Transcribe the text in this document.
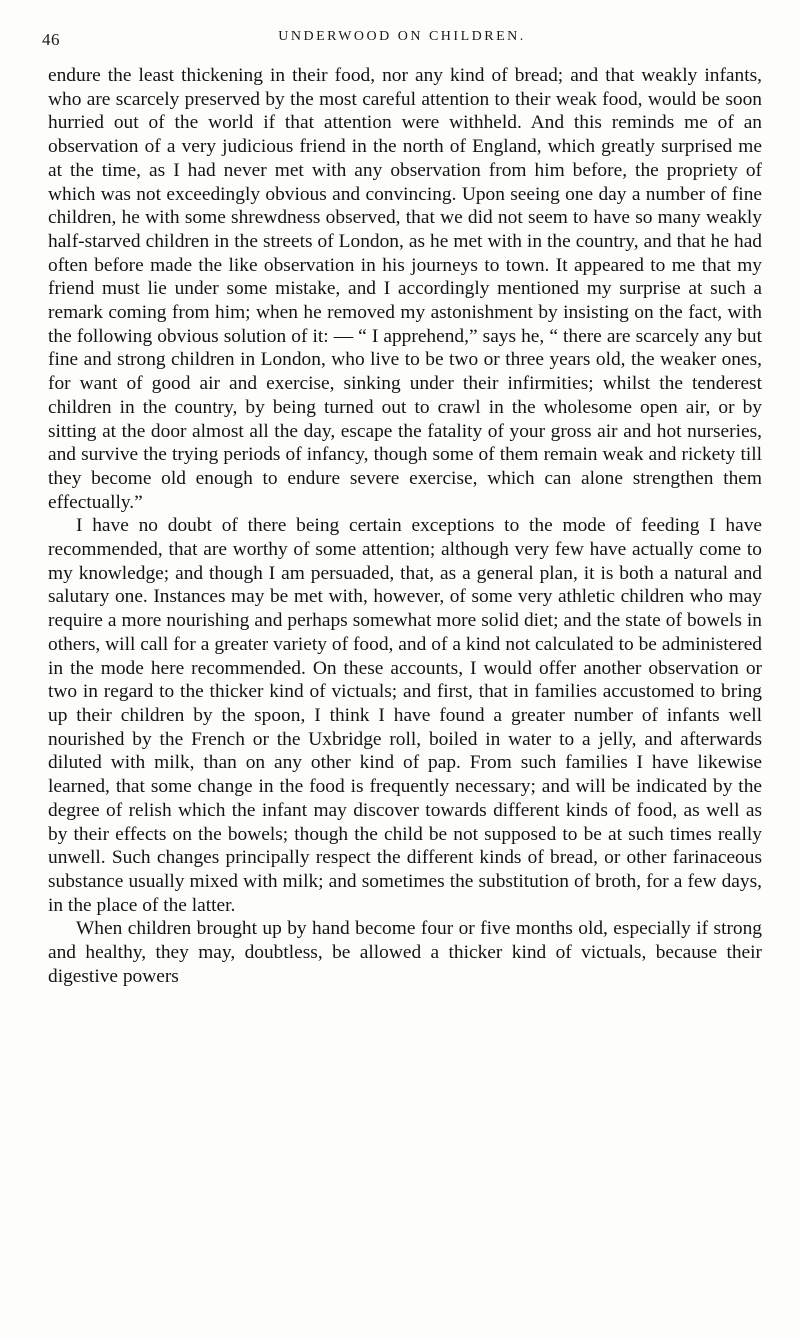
46	UNDERWOOD ON CHILDREN.

endure the least thickening in their food, nor any kind of bread; and that weakly infants, who are scarcely preserved by the most careful attention to their weak food, would be soon hurried out of the world if that attention were withheld. And this reminds me of an observation of a very judicious friend in the north of England, which greatly surprised me at the time, as I had never met with any observation from him before, the propriety of which was not exceedingly obvious and convincing. Upon seeing one day a number of fine children, he with some shrewdness observed, that we did not seem to have so many weakly half-starved children in the streets of London, as he met with in the country, and that he had often before made the like observation in his journeys to town. It appeared to me that my friend must lie under some mistake, and I accordingly mentioned my surprise at such a remark coming from him; when he removed my astonishment by insisting on the fact, with the following obvious solution of it: — “ I apprehend,” says he, “ there are scarcely any but fine and strong children in London, who live to be two or three years old, the weaker ones, for want of good air and exercise, sinking under their infirmities; whilst the tenderest children in the country, by being turned out to crawl in the wholesome open air, or by sitting at the door almost all the day, escape the fatality of your gross air and hot nurseries, and survive the trying periods of infancy, though some of them remain weak and rickety till they become old enough to endure severe exercise, which can alone strengthen them effectually.”

I have no doubt of there being certain exceptions to the mode of feeding I have recommended, that are worthy of some attention; although very few have actually come to my knowledge; and though I am persuaded, that, as a general plan, it is both a natural and salutary one. Instances may be met with, however, of some very athletic children who may require a more nourishing and perhaps somewhat more solid diet; and the state of bowels in others, will call for a greater variety of food, and of a kind not calculated to be administered in the mode here recommended. On these accounts, I would offer another observation or two in regard to the thicker kind of victuals; and first, that in families accustomed to bring up their children by the spoon, I think I have found a greater number of infants well nourished by the French or the Uxbridge roll, boiled in water to a jelly, and afterwards diluted with milk, than on any other kind of pap. From such families I have likewise learned, that some change in the food is frequently necessary; and will be indicated by the degree of relish which the infant may discover towards different kinds of food, as well as by their effects on the bowels; though the child be not supposed to be at such times really unwell. Such changes principally respect the different kinds of bread, or other farinaceous substance usually mixed with milk; and sometimes the substitution of broth, for a few days, in the place of the latter.

When children brought up by hand become four or five months old, especially if strong and healthy, they may, doubtless, be allowed a thicker kind of victuals, because their digestive powers
